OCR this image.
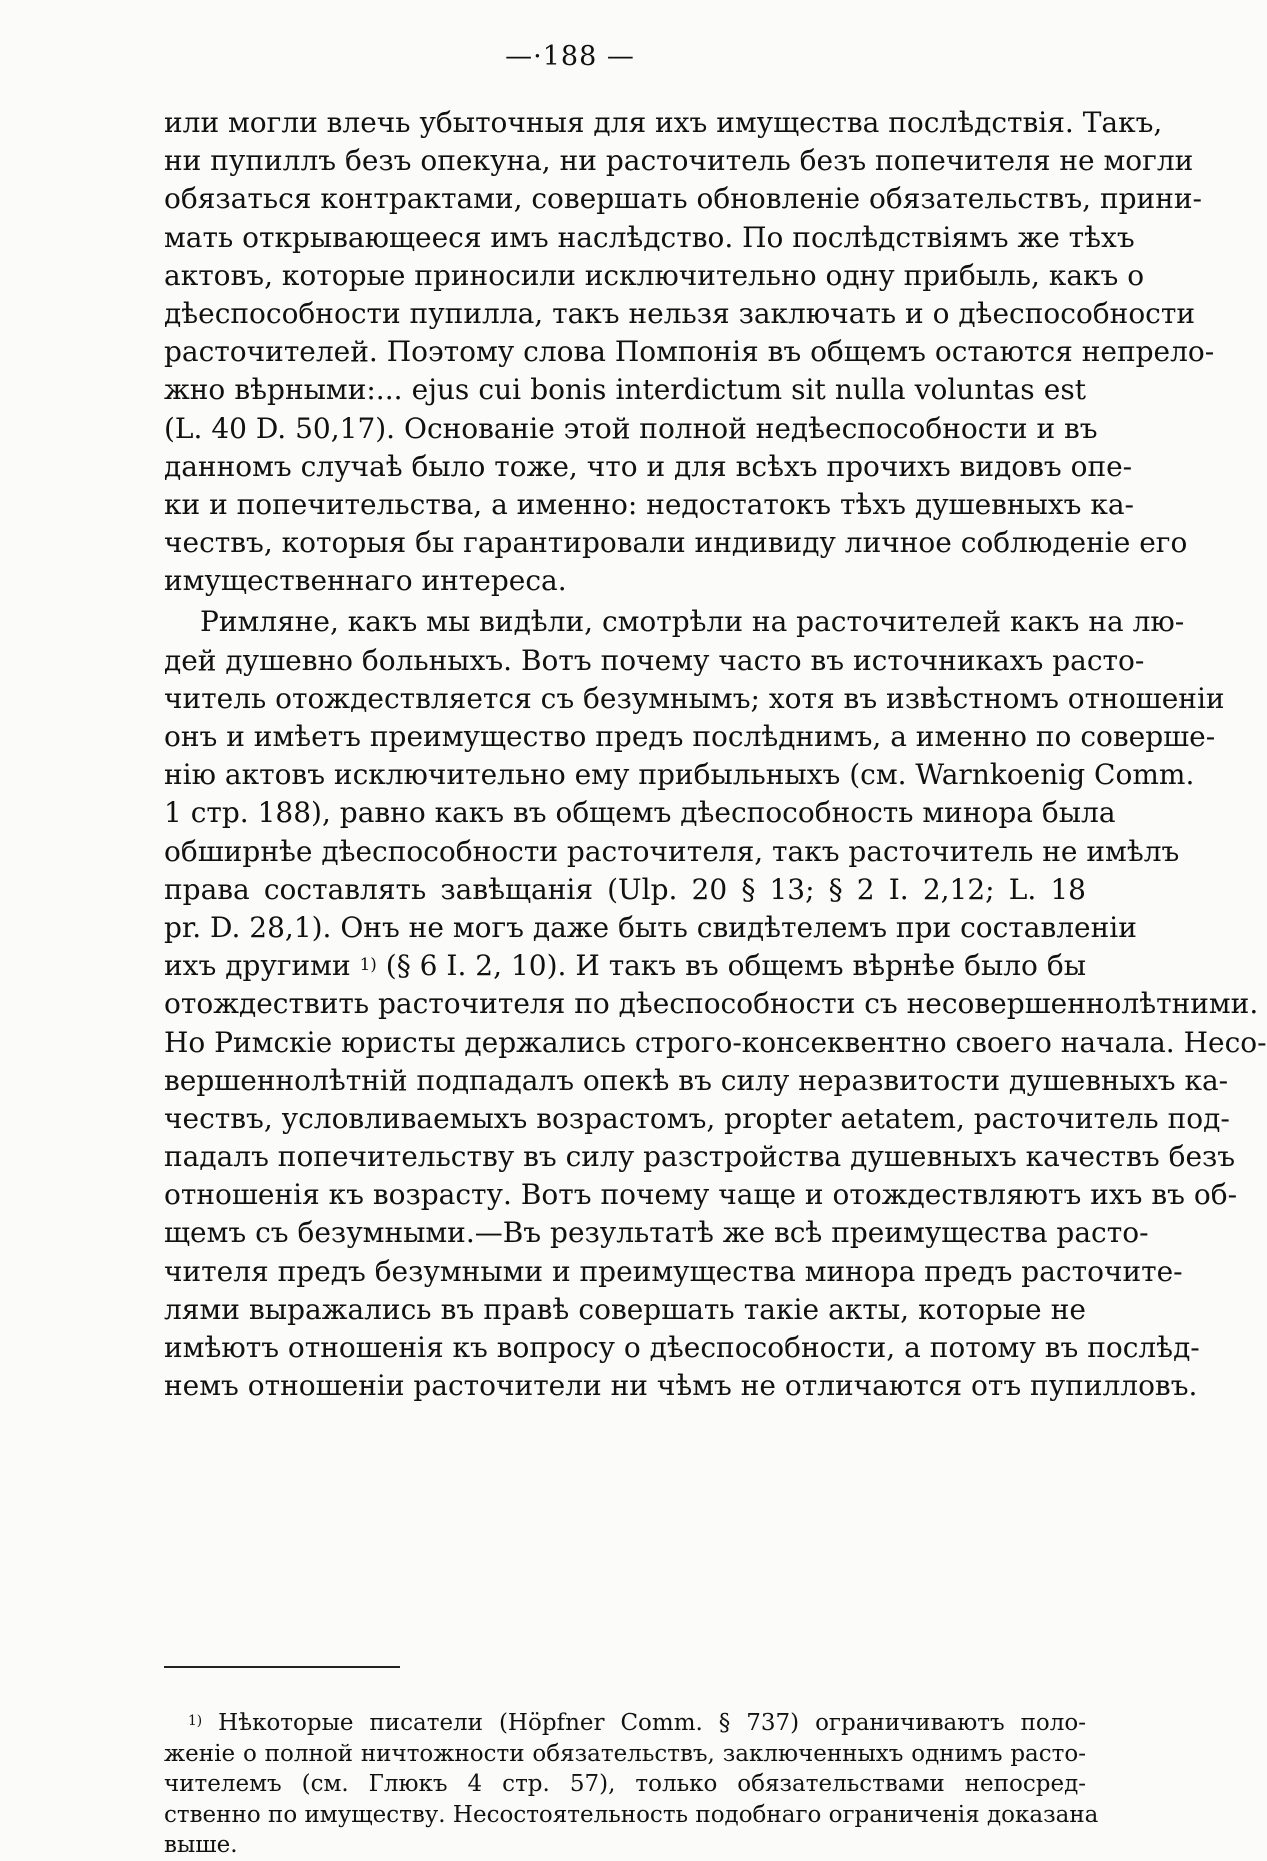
—·188 —
или могли влечь убыточныя для ихъ имущества послѣдствія. Такъ,
ни пупиллъ безъ опекуна, ни расточитель безъ попечителя не могли
обязаться контрактами, совершать обновленіе обязательствъ, прини-
мать открывающееся имъ наслѣдство. По послѣдствіямъ же тѣхъ
актовъ, которые приносили исключительно одну прибыль, какъ о
дѣеспособности пупилла, такъ нельзя заключать и о дѣеспособности
расточителей. Поэтому слова Помпонія въ общемъ остаются непрело-
жно вѣрными:... ejus cui bonis interdictum sit nulla voluntas est
(L. 40 D. 50,17). Основаніе этой полной недѣеспособности и въ
данномъ случаѣ было тоже, что и для всѣхъ прочихъ видовъ опе-
ки и попечительства, а именно: недостатокъ тѣхъ душевныхъ ка-
чествъ, которыя бы гарантировали индивиду личное соблюденіе его
имущественнаго интереса.
Римляне, какъ мы видѣли, смотрѣли на расточителей какъ на лю-
дей душевно больныхъ. Вотъ почему часто въ источникахъ расто-
читель отождествляется съ безумнымъ; хотя въ извѣстномъ отношеніи
онъ и имѣетъ преимущество предъ послѣднимъ, а именно по соверше-
нію актовъ исключительно ему прибыльныхъ (см. Warnkoenig Comm.
1 стр. 188), равно какъ въ общемъ дѣеспособность минора была
обширнѣе дѣеспособности расточителя, такъ расточитель не имѣлъ
права составлять завѣщанія (Ulp. 20 § 13; § 2 I. 2,12; L. 18
pr. D. 28,1). Онъ не могъ даже быть свидѣтелемъ при составленіи
ихъ другими $^{1)}$ (§ 6 I. 2, 10). И такъ въ общемъ вѣрнѣе было бы
отождествить расточителя по дѣеспособности съ несовершеннолѣтними.
Но Римскіе юристы держались строго-консеквентно своего начала. Несо-
вершеннолѣтній подпадалъ опекѣ въ силу неразвитости душевныхъ ка-
чествъ, условливаемыхъ возрастомъ, propter aetatem, расточитель под-
падалъ попечительству въ силу разстройства душевныхъ качествъ безъ
отношенія къ возрасту. Вотъ почему чаще и отождествляютъ ихъ въ об-
щемъ съ безумными.—Въ результатѣ же всѣ преимущества расто-
чителя предъ безумными и преимущества минора предъ расточите-
лями выражались въ правѣ совершать такіе акты, которые не
имѣютъ отношенія къ вопросу о дѣеспособности, а потому въ послѣд-
немъ отношеніи расточители ни чѣмъ не отличаются отъ пупилловъ.
$^{1)}$ Нѣкоторые писатели (Höpfner Comm. § 737) ограничиваютъ поло-
женіе о полной ничтожности обязательствъ, заключенныхъ однимъ расто-
чителемъ (см. Глюкъ 4 стр. 57), только обязательствами непосред-
ственно по имуществу. Несостоятельность подобнаго ограниченія доказана
выше.
